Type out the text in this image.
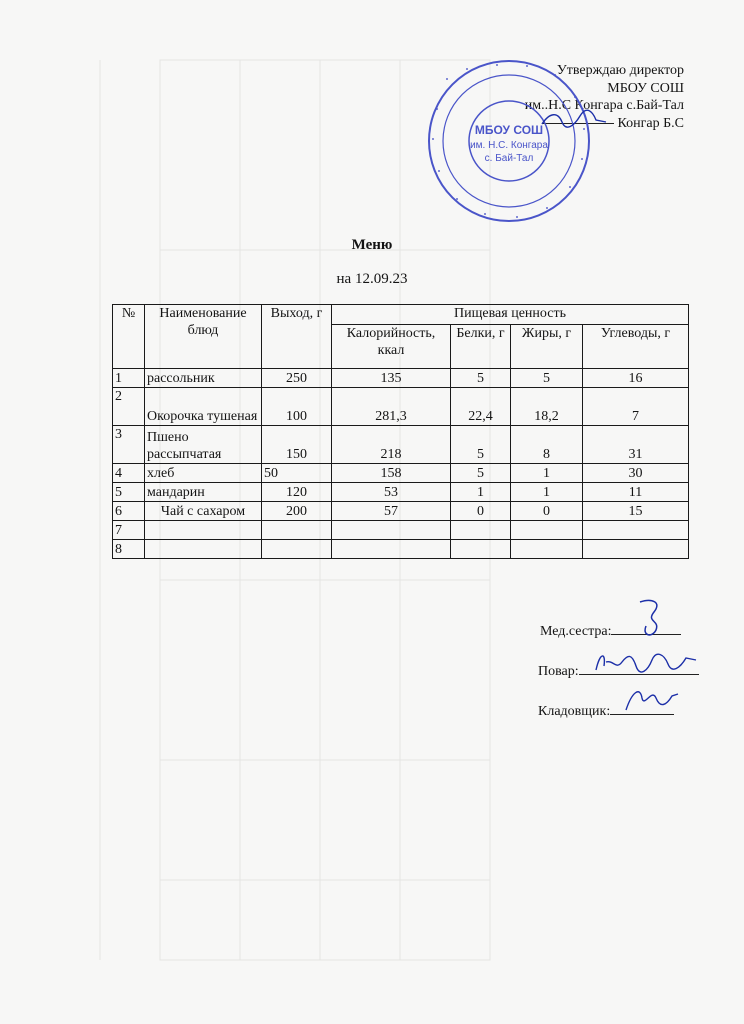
Утверждаю директор
МБОУ СОШ
им..Н.С Конгара с.Бай-Тал
Конгар Б.С
МБОУ СОШ
им. Н.С. Конгара
с. Бай-Тал
Меню
на 12.09.23
№	Наименование блюд	Выход, г	Пищевая ценность			
			Калорийность, ккал	Белки, г	Жиры, г	Углеводы, г
1	рассольник	250	135	5	5	16
2	Окорочка тушеная	100	281,3	22,4	18,2	7
3	Пшено рассыпчатая	150	218	5	8	31
4	хлеб	50	158	5	1	30
5	мандарин	120	53	1	1	11
6	Чай с сахаром	200	57	0	0	15
7						
8						
Мед.сестра:
Повар:
Кладовщик:
